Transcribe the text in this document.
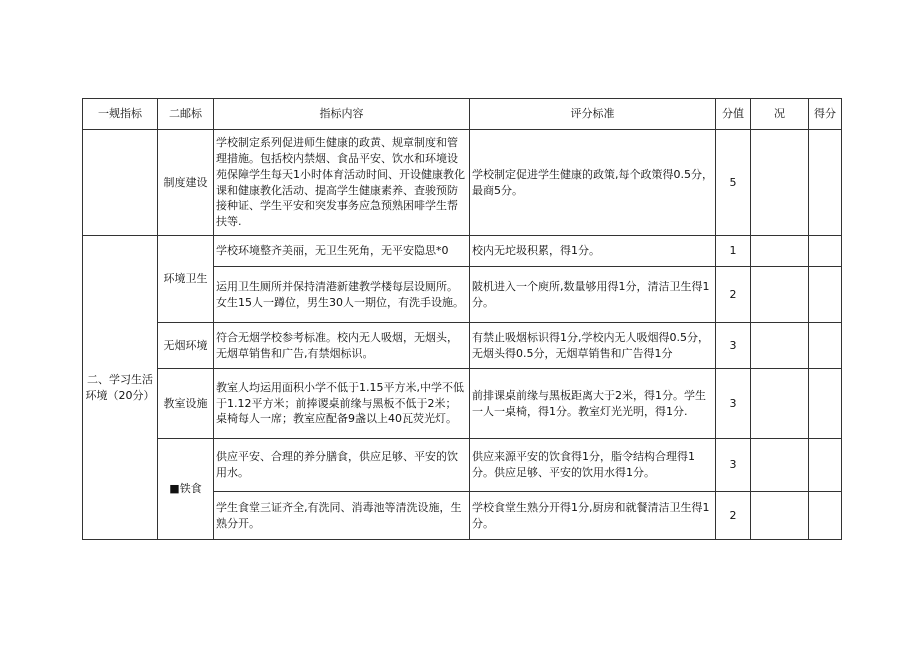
一觌指标	二邮标	指标内容	评分标准	分值	况	得分
	制度建设	学校制定系列促进师生健康的政黄、规章制度和管理措施。包括校内禁烟、食品平安、饮水和环境设苑保障学生每天1小时体育活动时间、开设健康教化课和健康教化活动、提高学生健康素养、査骏预防接种证、学生平安和突发事务应急预熟困啡学生帮扶等.	学校制定促进学生健康的政策,每个政策得0.5分，最商5分。	5		
二、学习生活环境（20分）	环境卫生	学校环境整齐美丽，无卫生死角，无平安隐思*0	校内无坨圾积累，得1分。	1		
		运用卫生厕所并保持清港新建教学楼每层设厕所。女生15人一蹲位，男生30人一期位，有洗手设施。	陂机进入一个庾所,数量够用得1分，清洁卫生得1分。	2		
	无烟环境	符合无烟学校参考标准。校内无人吸烟，无烟头，无烟草销售和广告,有禁烟标识。	有禁止吸烟标识得1分,学校内无人吸烟得0.5分，无烟头得0.5分，无烟草销售和广告得1分	3		
	教室设施	教室人均运用面积小学不低于1.15平方米,中学不低于1.12平方米；前捧谡桌前缘与黑板不低于2米；桌椅每人一席；教室应配备9盏以上40瓦荧光灯。	前排课桌前缘与黑板距离大于2米，得1分。学生一人一桌椅，得1分。教室灯光光明，得1分.	3		
	■铁食	供应平安、合理的养分膳食，供应足够、平安的饮用水。	供应来源平安的饮食得1分，脂令结构合理得1分。供应足够、平安的饮用水得1分。	3		
		学生食堂三证齐全,有洗同、消毒池等清洗设施，生熟分开。	学校食堂生熟分开得1分,厨房和就餐清洁卫生得1分。	2		
